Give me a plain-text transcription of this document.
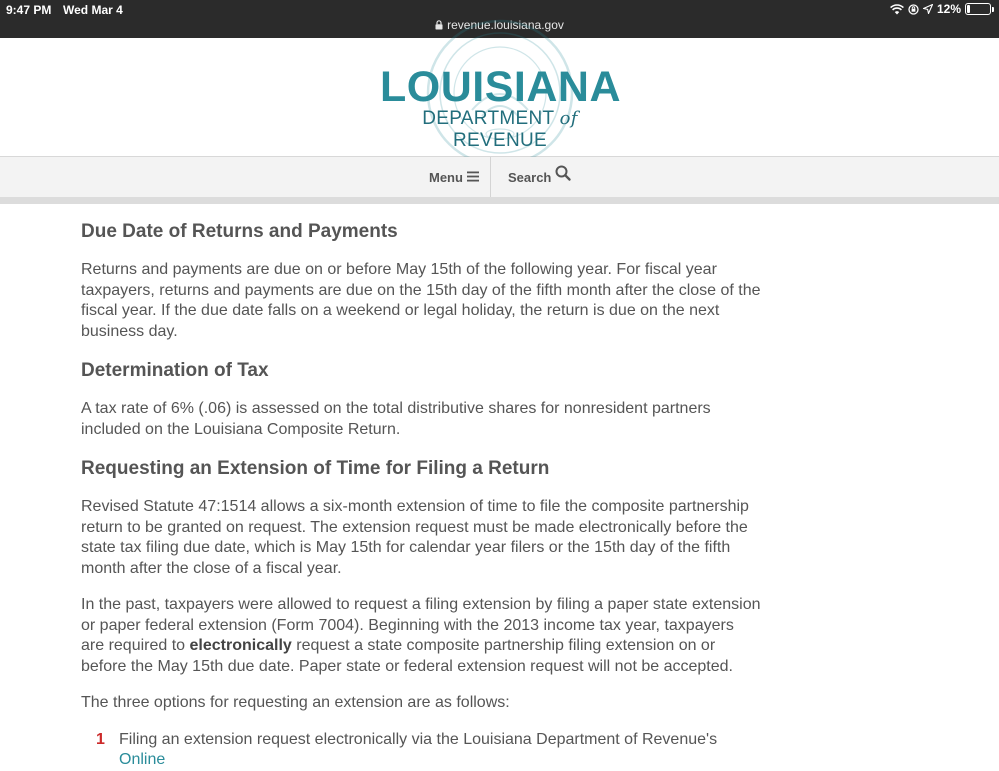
9:47 PM Wed Mar 4	12%
revenue.louisiana.gov
LOUISIANA
DEPARTMENT of REVENUE
Menu	Search
Due Date of Returns and Payments

Returns and payments are due on or before May 15th of the following year. For fiscal year taxpayers, returns and payments are due on the 15th day of the fifth month after the close of the fiscal year. If the due date falls on a weekend or legal holiday, the return is due on the next business day.

Determination of Tax

A tax rate of 6% (.06) is assessed on the total distributive shares for nonresident partners included on the Louisiana Composite Return.

Requesting an Extension of Time for Filing a Return

Revised Statute 47:1514 allows a six-month extension of time to file the composite partnership return to be granted on request. The extension request must be made electronically before the state tax filing due date, which is May 15th for calendar year filers or the 15th day of the fifth month after the close of a fiscal year.

In the past, taxpayers were allowed to request a filing extension by filing a paper state extension or paper federal extension (Form 7004). Beginning with the 2013 income tax year, taxpayers are required to electronically request a state composite partnership filing extension on or before the May 15th due date. Paper state or federal extension request will not be accepted.

The three options for requesting an extension are as follows:

1 Filing an extension request electronically via the Louisiana Department of Revenue's Online
